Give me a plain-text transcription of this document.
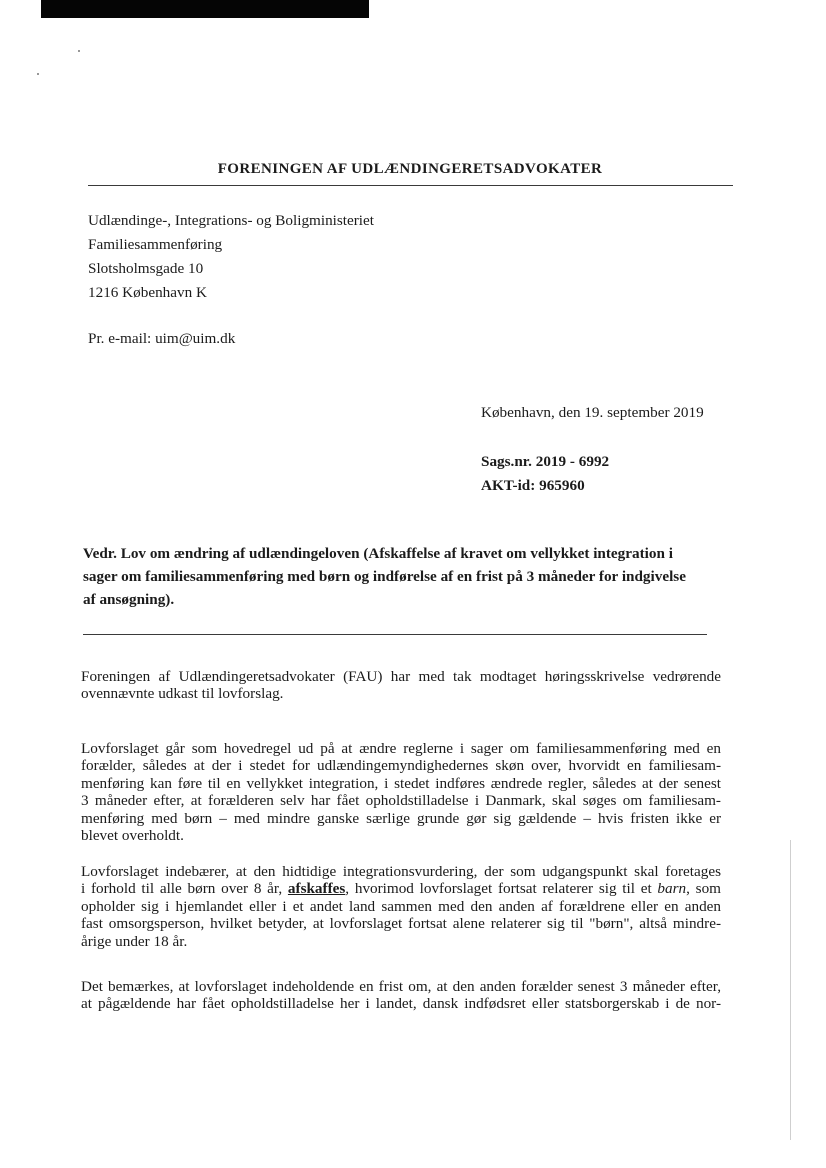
FORENINGEN AF UDLÆNDINGERETSADVOKATER
Udlændinge-, Integrations- og Boligministeriet
Familiesammenføring
Slotsholmsgade 10
1216 København K
Pr. e-mail: uim@uim.dk
København, den 19. september 2019
Sags.nr. 2019 - 6992
AKT-id: 965960
Vedr. Lov om ændring af udlændingeloven (Afskaffelse af kravet om vellykket integration i
sager om familiesammenføring med børn og indførelse af en frist på 3 måneder for indgivelse
af ansøgning).
Foreningen af Udlændingeretsadvokater (FAU) har med tak modtaget høringsskrivelse vedrørende
ovennævnte udkast til lovforslag.
Lovforslaget går som hovedregel ud på at ændre reglerne i sager om familiesammenføring med en
forælder, således at der i stedet for udlændingemyndighedernes skøn over, hvorvidt en familiesam-
menføring kan føre til en vellykket integration, i stedet indføres ændrede regler, således at der senest
3 måneder efter, at forælderen selv har fået opholdstilladelse i Danmark, skal søges om familiesam-
menføring med børn – med mindre ganske særlige grunde gør sig gældende – hvis fristen ikke er
blevet overholdt.
Lovforslaget indebærer, at den hidtidige integrationsvurdering, der som udgangspunkt skal foretages
i forhold til alle børn over 8 år, afskaffes, hvorimod lovforslaget fortsat relaterer sig til et barn, som
opholder sig i hjemlandet eller i et andet land sammen med den anden af forældrene eller en anden
fast omsorgsperson, hvilket betyder, at lovforslaget fortsat alene relaterer sig til "børn", altså mindre-
årige under 18 år.
Det bemærkes, at lovforslaget indeholdende en frist om, at den anden forælder senest 3 måneder efter,
at pågældende har fået opholdstilladelse her i landet, dansk indfødsret eller statsborgerskab i de nor-
